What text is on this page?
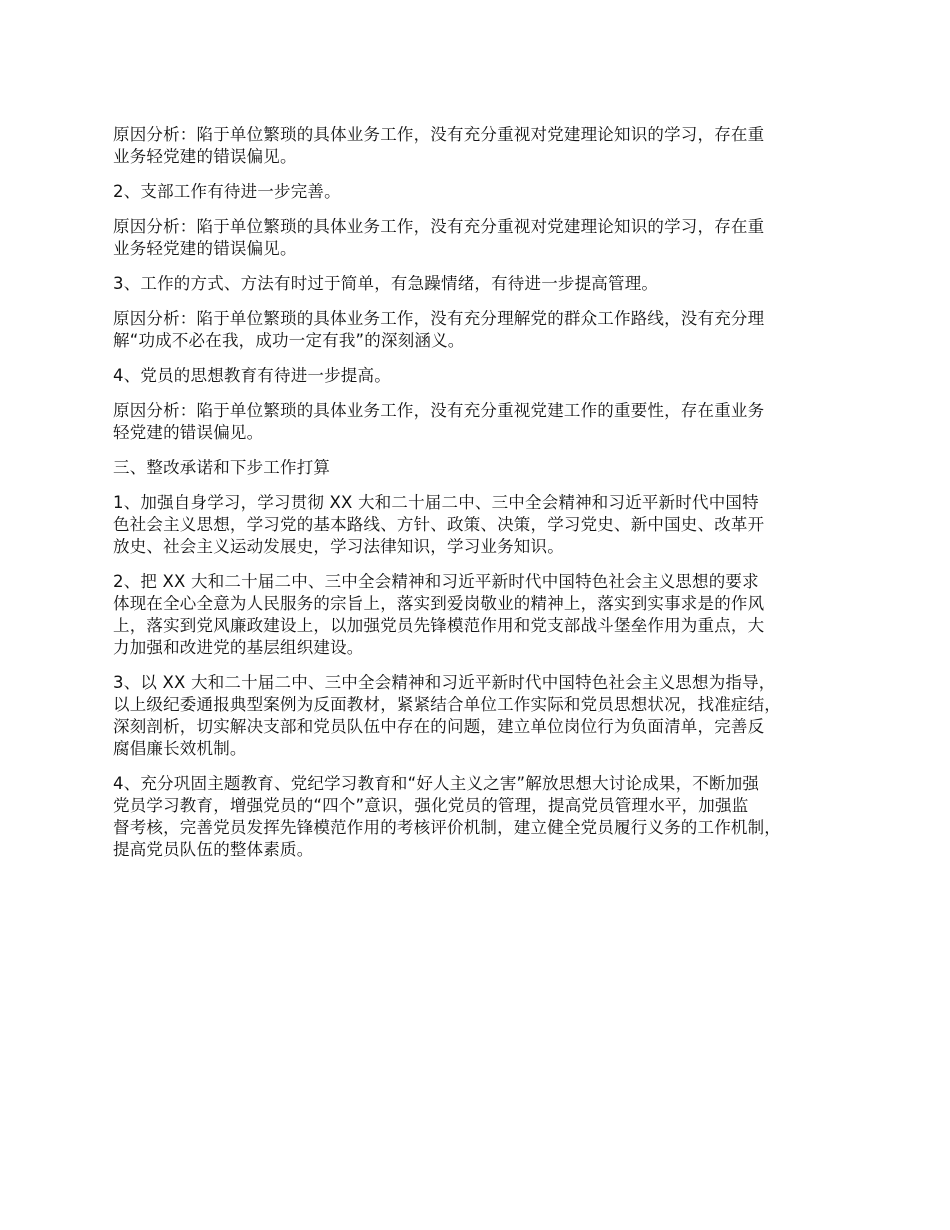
原因分析：陷于单位繁琐的具体业务工作，没有充分重视对党建理论知识的学习，存在重
业务轻党建的错误偏见。

2、支部工作有待进一步完善。

原因分析：陷于单位繁琐的具体业务工作，没有充分重视对党建理论知识的学习，存在重
业务轻党建的错误偏见。

3、工作的方式、方法有时过于简单，有急躁情绪，有待进一步提高管理。

原因分析：陷于单位繁琐的具体业务工作，没有充分理解党的群众工作路线，没有充分理
解“功成不必在我，成功一定有我”的深刻涵义。

4、党员的思想教育有待进一步提高。

原因分析：陷于单位繁琐的具体业务工作，没有充分重视党建工作的重要性，存在重业务
轻党建的错误偏见。

三、整改承诺和下步工作打算

1、加强自身学习，学习贯彻 XX 大和二十届二中、三中全会精神和习近平新时代中国特
色社会主义思想，学习党的基本路线、方针、政策、决策，学习党史、新中国史、改革开
放史、社会主义运动发展史，学习法律知识，学习业务知识。

2、把 XX 大和二十届二中、三中全会精神和习近平新时代中国特色社会主义思想的要求
体现在全心全意为人民服务的宗旨上，落实到爱岗敬业的精神上，落实到实事求是的作风
上，落实到党风廉政建设上，以加强党员先锋模范作用和党支部战斗堡垒作用为重点，大
力加强和改进党的基层组织建设。

3、以 XX 大和二十届二中、三中全会精神和习近平新时代中国特色社会主义思想为指导，
以上级纪委通报典型案例为反面教材，紧紧结合单位工作实际和党员思想状况，找准症结，
深刻剖析，切实解决支部和党员队伍中存在的问题，建立单位岗位行为负面清单，完善反
腐倡廉长效机制。

4、充分巩固主题教育、党纪学习教育和“好人主义之害”解放思想大讨论成果，不断加强
党员学习教育，增强党员的“四个”意识，强化党员的管理，提高党员管理水平，加强监
督考核，完善党员发挥先锋模范作用的考核评价机制，建立健全党员履行义务的工作机制，
提高党员队伍的整体素质。
